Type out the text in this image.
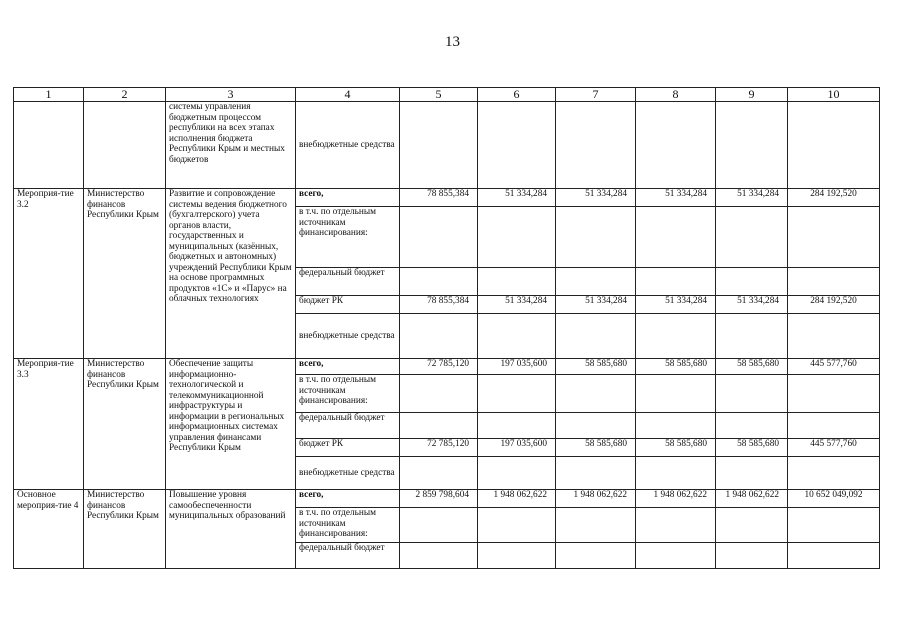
13
1	2	3	4	5	6	7	8	9	10
		системы управления бюджетным процессом республики на всех этапах исполнения бюджета Республики Крым и местных бюджетов	внебюджетные средства						
Мероприя-тие 3.2	Министерство финансов Республики Крым	Развитие и сопровождение системы ведения бюджетного (бухгалтерского) учета органов власти, государственных и муниципальных (казённых, бюджетных и автономных) учреждений Республики Крым на основе программных продуктов «1С» и «Парус» на облачных технологиях	всего,	78 855,384	51 334,284	51 334,284	51 334,284	51 334,284	284 192,520
			в т.ч. по отдельным источникам финансирования:						
			федеральный бюджет						
			бюджет РК	78 855,384	51 334,284	51 334,284	51 334,284	51 334,284	284 192,520
			внебюджетные средства						
Мероприя-тие 3.3	Министерство финансов Республики Крым	Обеспечение защиты информационно-технологической и телекоммуникационной инфраструктуры и информации в региональных информационных системах управления финансами Республики Крым	всего,	72 785,120	197 035,600	58 585,680	58 585,680	58 585,680	445 577,760
			в т.ч. по отдельным источникам финансирования:						
			федеральный бюджет						
			бюджет РК	72 785,120	197 035,600	58 585,680	58 585,680	58 585,680	445 577,760
			внебюджетные средства						
Основное мероприя-тие 4	Министерство финансов Республики Крым	Повышение уровня самообеспеченности муниципальных образований	всего,	2 859 798,604	1 948 062,622	1 948 062,622	1 948 062,622	1 948 062,622	10 652 049,092
			в т.ч. по отдельным источникам финансирования:						
			федеральный бюджет						
